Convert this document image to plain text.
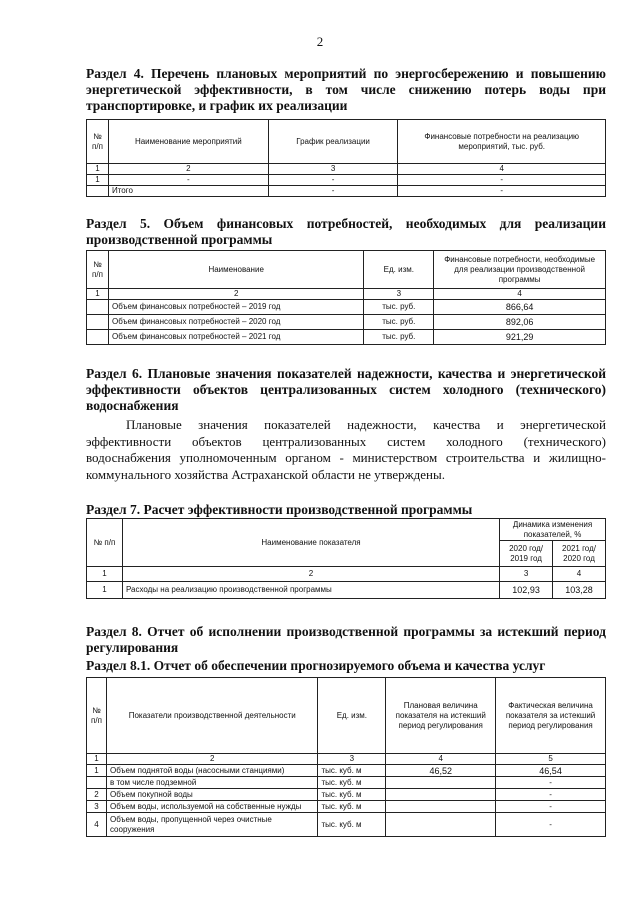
2
Раздел 4. Перечень плановых мероприятий по энергосбережению и повышению энергетической эффективности, в том числе снижению потерь воды при транспортировке, и график их реализации
№ п/п	Наименование мероприятий	График реализации	Финансовые потребности на реализацию мероприятий, тыс. руб.
1	2	3	4
1	-	-	-
	Итого	-	-
Раздел 5. Объем финансовых потребностей, необходимых для реализации производственной программы
№ п/п	Наименование	Ед. изм.	Финансовые потребности, необходимые для реализации производственной программы
1	2	3	4
	Объем финансовых потребностей – 2019 год	тыс. руб.	866,64
	Объем финансовых потребностей – 2020 год	тыс. руб.	892,06
	Объем финансовых потребностей – 2021 год	тыс. руб.	921,29
Раздел 6. Плановые значения показателей надежности, качества и энергетической эффективности объектов централизованных систем холодного (технического) водоснабжения
Плановые значения показателей надежности, качества и энергетической эффективности объектов централизованных систем холодного (технического) водоснабжения уполномоченным органом - министерством строительства и жилищно-коммунального хозяйства Астраханской области не утверждены.
Раздел 7. Расчет эффективности производственной программы
№ п/п	Наименование показателя	Динамика изменения показателей, %	
		2020 год/ 2019 год	2021 год/ 2020 год
1	2	3	4
1	Расходы на реализацию производственной программы	102,93	103,28
Раздел 8. Отчет об исполнении производственной программы за истекший период регулирования
Раздел 8.1. Отчет об обеспечении прогнозируемого объема и качества услуг
№ п/п	Показатели производственной деятельности	Ед. изм.	Плановая величина показателя на истекший период регулирования	Фактическая величина показателя за истекший период регулирования
1	2	3	4	5
1	Объем поднятой воды (насосными станциями)	тыс. куб. м	46,52	46,54
	в том числе подземной	тыс. куб. м		-
2	Объем покупной воды	тыс. куб. м		-
3	Объем воды, используемой на собственные нужды	тыс. куб. м		-
4	Объем воды, пропущенной через очистные сооружения	тыс. куб. м		-
